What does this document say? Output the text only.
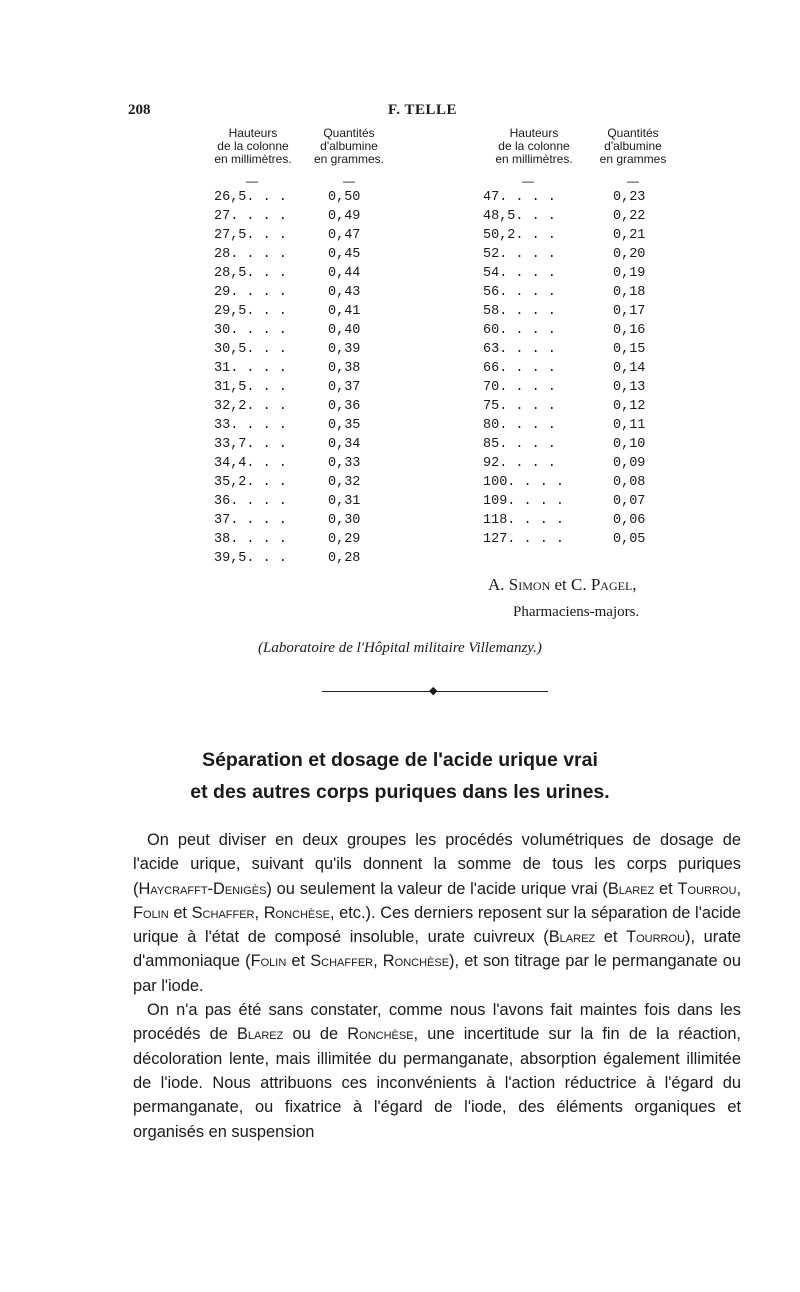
208	F. TELLE
Hauteurs
de la colonne
en millimètres.
Quantités
d'albumine
en grammes.
—	—
Hauteurs
de la colonne
en millimètres.
Quantités
d'albumine
en grammes
—	—
26,5. . .	0,50
27. . . .	0,49
27,5. . .	0,47
28. . . .	0,45
28,5. . .	0,44
29. . . .	0,43
29,5. . .	0,41
30. . . .	0,40
30,5. . .	0,39
31. . . .	0,38
31,5. . .	0,37
32,2. . .	0,36
33. . . .	0,35
33,7. . .	0,34
34,4. . .	0,33
35,2. . .	0,32
36. . . .	0,31
37. . . .	0,30
38. . . .	0,29
39,5. . .	0,28
47. . . .	0,23
48,5. . .	0,22
50,2. . .	0,21
52. . . .	0,20
54. . . .	0,19
56. . . .	0,18
58. . . .	0,17
60. . . .	0,16
63. . . .	0,15
66. . . .	0,14
70. . . .	0,13
75. . . .	0,12
80. . . .	0,11
85. . . .	0,10
92. . . .	0,09
100. . . .	0,08
109. . . .	0,07
118. . . .	0,06
127. . . .	0,05
A. Simon et C. Pagel,
Pharmaciens-majors.
(Laboratoire de l'Hôpital militaire Villemanzy.)
◆
Séparation et dosage de l'acide urique vrai
et des autres corps puriques dans les urines.

On peut diviser en deux groupes les procédés volumétriques de dosage de l'acide urique, suivant qu'ils donnent la somme de tous les corps puriques (Haycrafft-Denigès) ou seulement la valeur de l'acide urique vrai (Blarez et Tourrou, Folin et Schaffer, Ronchèse, etc.). Ces derniers reposent sur la séparation de l'acide urique à l'état de composé insoluble, urate cuivreux (Blarez et Tourrou), urate d'ammoniaque (Folin et Schaffer, Ronchèse), et son titrage par le permanganate ou par l'iode.

On n'a pas été sans constater, comme nous l'avons fait maintes fois dans les procédés de Blarez ou de Ronchèse, une incertitude sur la fin de la réaction, décoloration lente, mais illimitée du permanganate, absorption également illimitée de l'iode. Nous attribuons ces inconvénients à l'action réductrice à l'égard du permanganate, ou fixatrice à l'égard de l'iode, des éléments organiques et organisés en suspension
